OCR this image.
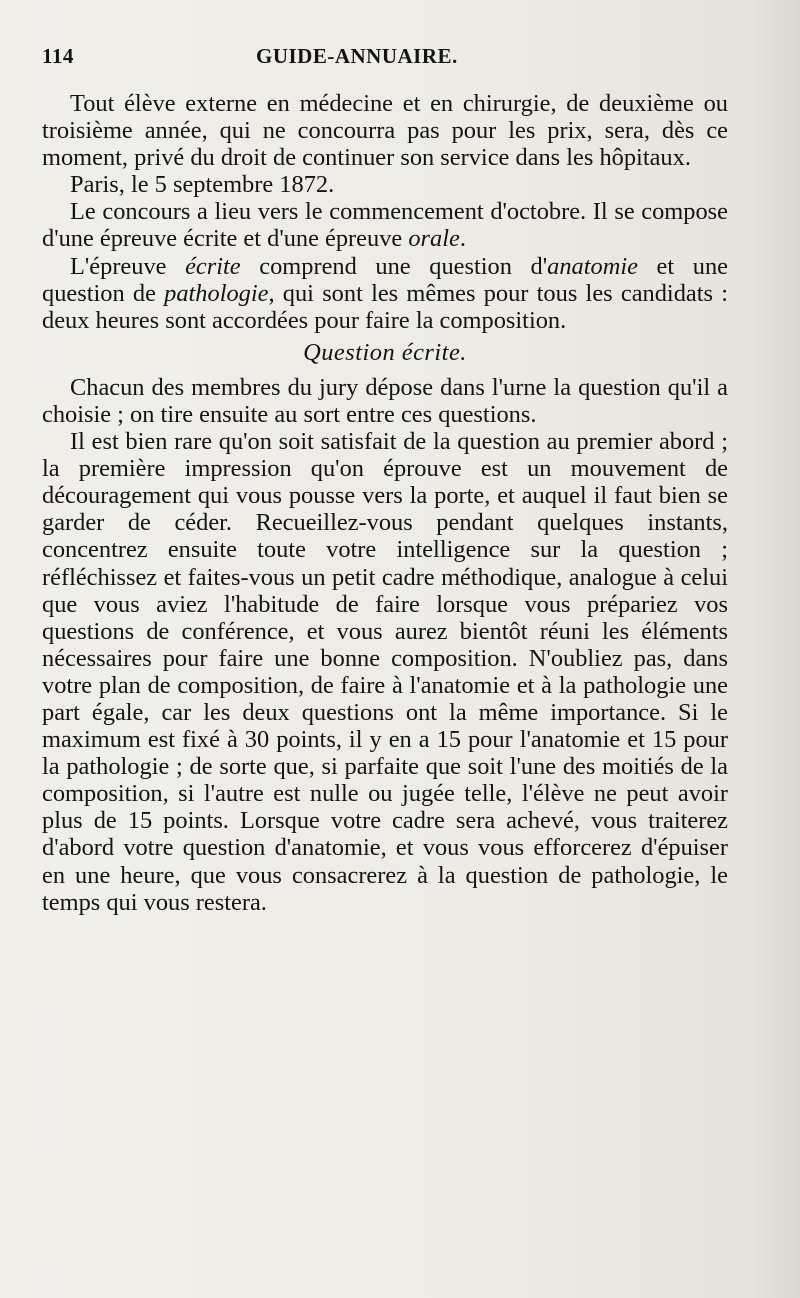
114	GUIDE-ANNUAIRE.

Tout élève externe en médecine et en chirurgie, de deuxième ou troisième année, qui ne concourra pas pour les prix, sera, dès ce moment, privé du droit de continuer son service dans les hôpitaux.

Paris, le 5 septembre 1872.

Le concours a lieu vers le commencement d'octobre. Il se compose d'une épreuve écrite et d'une épreuve orale.

L'épreuve écrite comprend une question d'anatomie et une question de pathologie, qui sont les mêmes pour tous les candidats : deux heures sont accordées pour faire la composition.

Question écrite.

Chacun des membres du jury dépose dans l'urne la question qu'il a choisie ; on tire ensuite au sort entre ces questions.

Il est bien rare qu'on soit satisfait de la question au premier abord ; la première impression qu'on éprouve est un mouvement de découragement qui vous pousse vers la porte, et auquel il faut bien se garder de céder. Recueillez-vous pendant quelques instants, concentrez ensuite toute votre intelligence sur la question ; réfléchissez et faites-vous un petit cadre méthodique, analogue à celui que vous aviez l'habitude de faire lorsque vous prépariez vos questions de conférence, et vous aurez bientôt réuni les éléments nécessaires pour faire une bonne composition. N'oubliez pas, dans votre plan de composition, de faire à l'anatomie et à la pathologie une part égale, car les deux questions ont la même importance. Si le maximum est fixé à 30 points, il y en a 15 pour l'anatomie et 15 pour la pathologie ; de sorte que, si parfaite que soit l'une des moitiés de la composition, si l'autre est nulle ou jugée telle, l'élève ne peut avoir plus de 15 points. Lorsque votre cadre sera achevé, vous traiterez d'abord votre question d'anatomie, et vous vous efforcerez d'épuiser en une heure, que vous consacrerez à la question de pathologie, le temps qui vous restera.
